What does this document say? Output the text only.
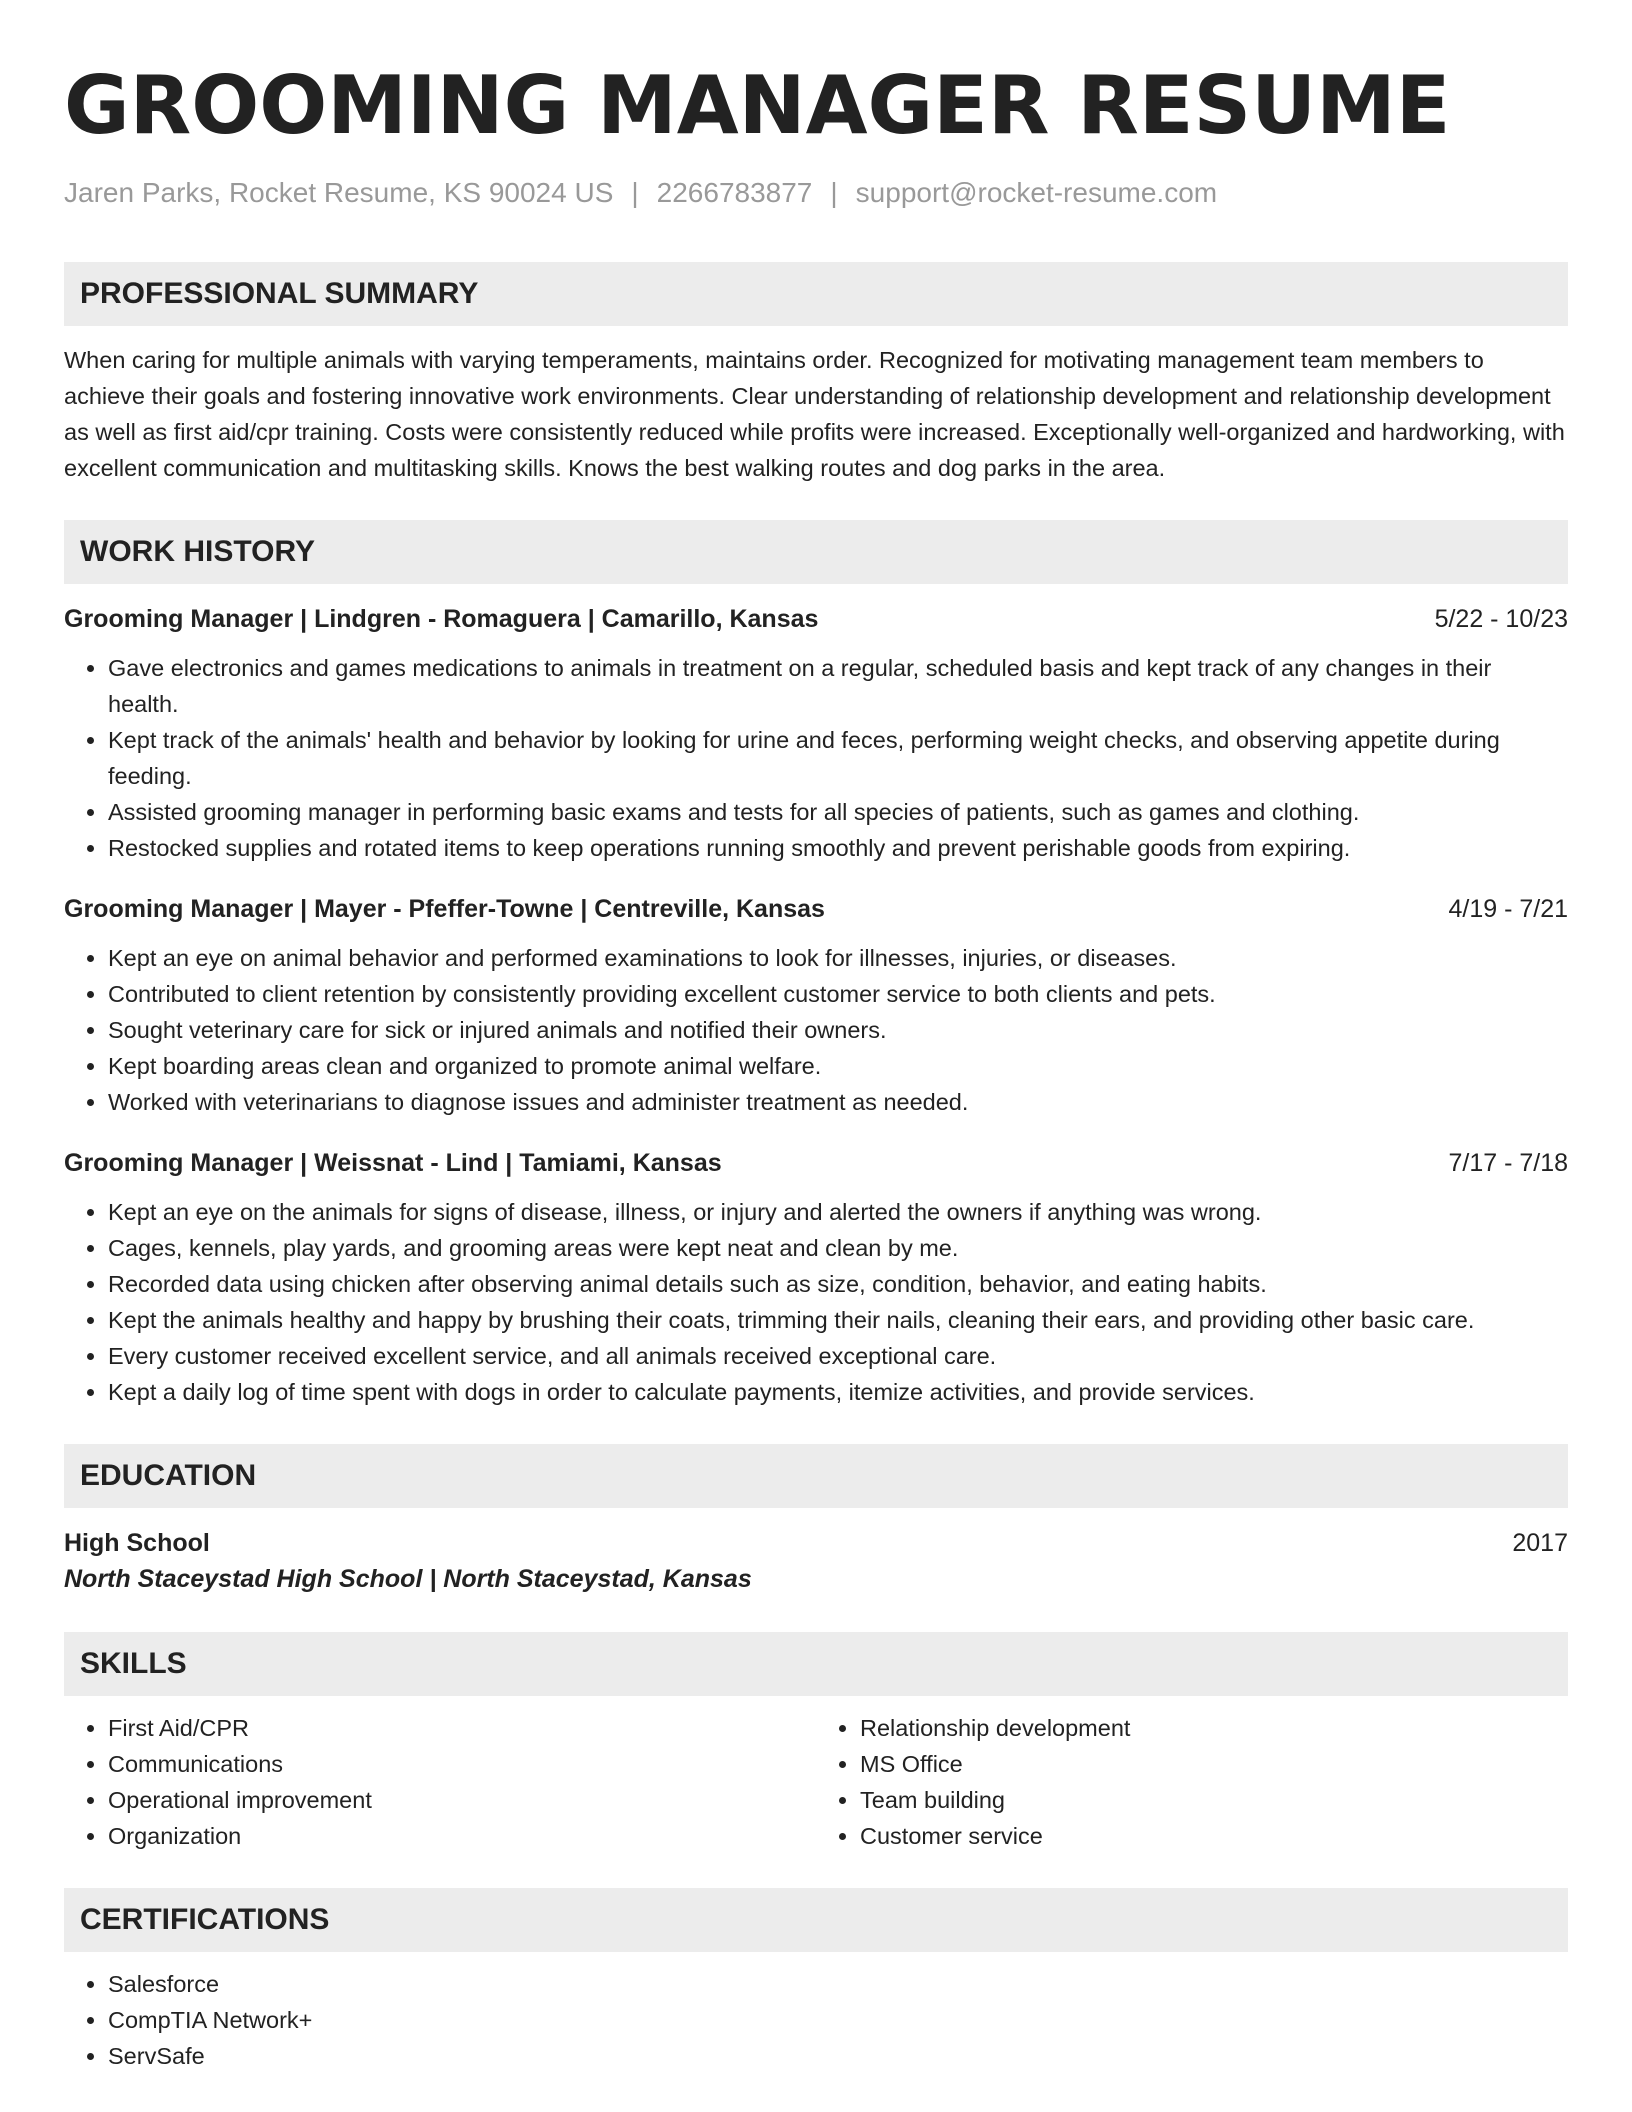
GROOMING MANAGER RESUME
Jaren Parks, Rocket Resume, KS 90024 US | 2266783877 | support@rocket-resume.com
PROFESSIONAL SUMMARY
When caring for multiple animals with varying temperaments, maintains order. Recognized for motivating management team members to achieve their goals and fostering innovative work environments. Clear understanding of relationship development and relationship development as well as first aid/cpr training. Costs were consistently reduced while profits were increased. Exceptionally well-organized and hardworking, with excellent communication and multitasking skills. Knows the best walking routes and dog parks in the area.
WORK HISTORY
Grooming Manager | Lindgren - Romaguera | Camarillo, Kansas	5/22 - 10/23
• Gave electronics and games medications to animals in treatment on a regular, scheduled basis and kept track of any changes in their health.
• Kept track of the animals' health and behavior by looking for urine and feces, performing weight checks, and observing appetite during feeding.
• Assisted grooming manager in performing basic exams and tests for all species of patients, such as games and clothing.
• Restocked supplies and rotated items to keep operations running smoothly and prevent perishable goods from expiring.
Grooming Manager | Mayer - Pfeffer-Towne | Centreville, Kansas	4/19 - 7/21
• Kept an eye on animal behavior and performed examinations to look for illnesses, injuries, or diseases.
• Contributed to client retention by consistently providing excellent customer service to both clients and pets.
• Sought veterinary care for sick or injured animals and notified their owners.
• Kept boarding areas clean and organized to promote animal welfare.
• Worked with veterinarians to diagnose issues and administer treatment as needed.
Grooming Manager | Weissnat - Lind | Tamiami, Kansas	7/17 - 7/18
• Kept an eye on the animals for signs of disease, illness, or injury and alerted the owners if anything was wrong.
• Cages, kennels, play yards, and grooming areas were kept neat and clean by me.
• Recorded data using chicken after observing animal details such as size, condition, behavior, and eating habits.
• Kept the animals healthy and happy by brushing their coats, trimming their nails, cleaning their ears, and providing other basic care.
• Every customer received excellent service, and all animals received exceptional care.
• Kept a daily log of time spent with dogs in order to calculate payments, itemize activities, and provide services.
EDUCATION
High School	2017
North Staceystad High School | North Staceystad, Kansas
SKILLS
• First Aid/CPR
• Communications
• Operational improvement
• Organization
• Relationship development
• MS Office
• Team building
• Customer service
CERTIFICATIONS
• Salesforce
• CompTIA Network+
• ServSafe
